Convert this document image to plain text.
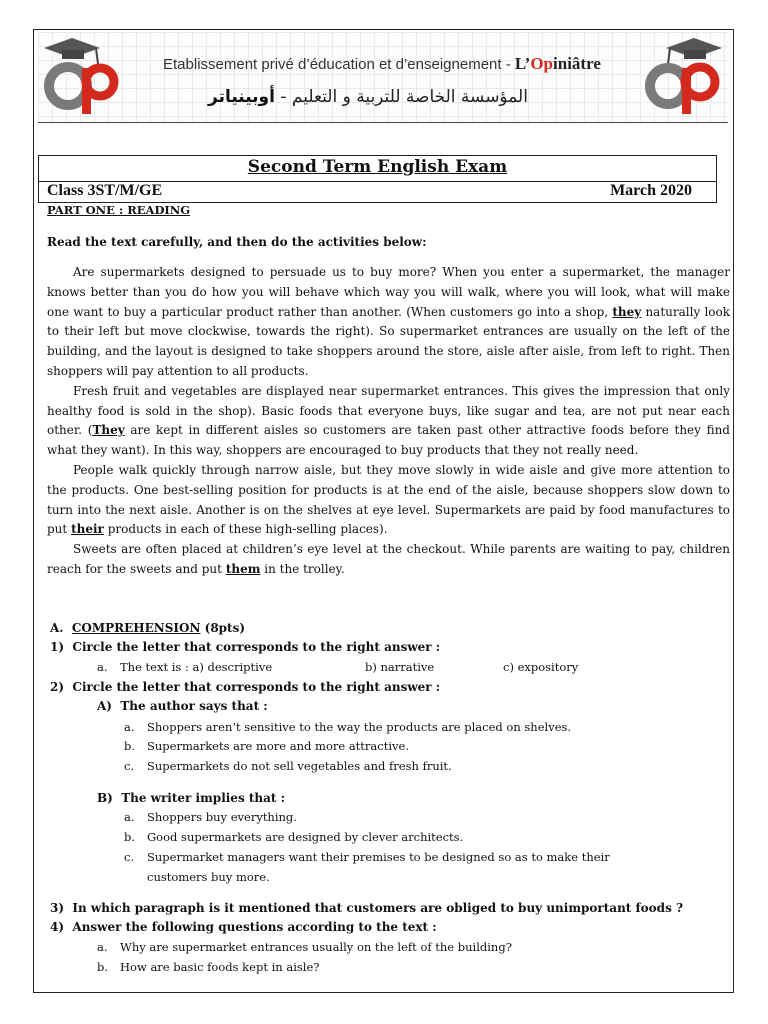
Etablissement privé d’éducation et d’enseignement - L’Opiniâtre
المؤسسة الخاصة للتربية و التعليم - أوبينياتر
Second Term English Exam
Class 3ST/M/GE	March 2020
PART ONE : READING
Read the text carefully, and then do the activities below:

Are supermarkets designed to persuade us to buy more? When you enter a supermarket, the manager knows better than you do how you will behave which way you will walk, where you will look, what will make one want to buy a particular product rather than another. (When customers go into a shop, they naturally look to their left but move clockwise, towards the right). So supermarket entrances are usually on the left of the building, and the layout is designed to take shoppers around the store, aisle after aisle, from left to right. Then shoppers will pay attention to all products.

Fresh fruit and vegetables are displayed near supermarket entrances. This gives the impression that only healthy food is sold in the shop). Basic foods that everyone buys, like sugar and tea, are not put near each other. (They are kept in different aisles so customers are taken past other attractive foods before they find what they want). In this way, shoppers are encouraged to buy products that they not really need.

People walk quickly through narrow aisle, but they move slowly in wide aisle and give more attention to the products. One best-selling position for products is at the end of the aisle, because shoppers slow down to turn into the next aisle. Another is on the shelves at eye level. Supermarkets are paid by food manufactures to put their products in each of these high-selling places).

Sweets are often placed at children’s eye level at the checkout. While parents are waiting to pay, children reach for the sweets and put them in the trolley.

A. COMPREHENSION (8pts)
1) Circle the letter that corresponds to the right answer :
a. The text is : a) descriptive	b) narrative	c) expository
2) Circle the letter that corresponds to the right answer :
A) The author says that :
a. Shoppers aren’t sensitive to the way the products are placed on shelves.
b. Supermarkets are more and more attractive.
c. Supermarkets do not sell vegetables and fresh fruit.
B) The writer implies that :
a. Shoppers buy everything.
b. Good supermarkets are designed by clever architects.
c. Supermarket managers want their premises to be designed so as to make their
customers buy more.
3) In which paragraph is it mentioned that customers are obliged to buy unimportant foods ?
4) Answer the following questions according to the text :
a. Why are supermarket entrances usually on the left of the building?
b. How are basic foods kept in aisle?
